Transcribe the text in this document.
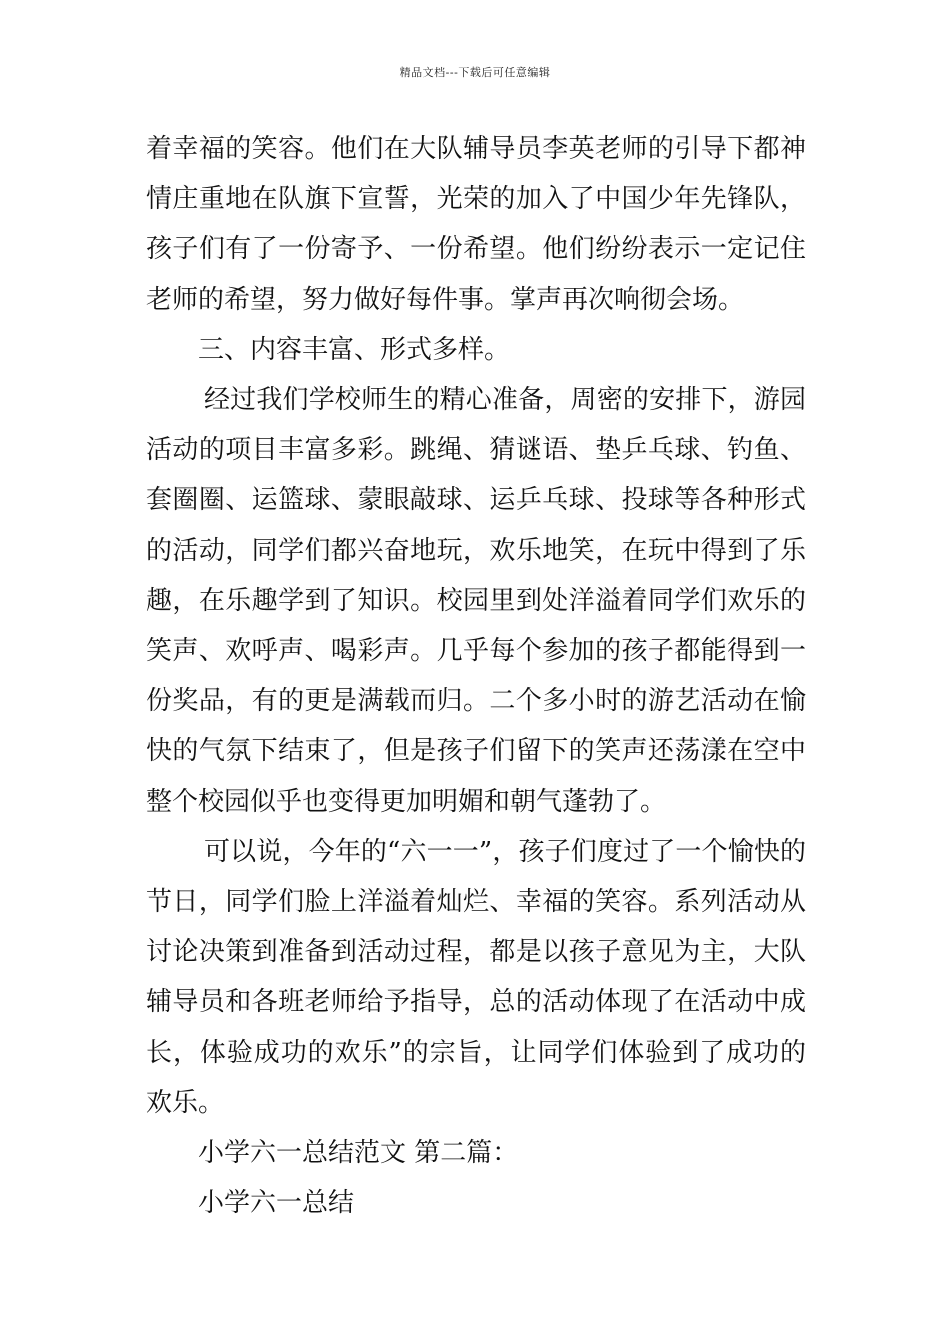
精品文档---下载后可任意编辑

着幸福的笑容。他们在大队辅导员李英老师的引导下都神情庄重地在队旗下宣誓，光荣的加入了中国少年先锋队，孩子们有了一份寄予、一份希望。他们纷纷表示一定记住老师的希望，努力做好每件事。掌声再次响彻会场。

三、内容丰富、形式多样。

经过我们学校师生的精心准备，周密的安排下，游园活动的项目丰富多彩。跳绳、猜谜语、垫乒乓球、钓鱼、套圈圈、运篮球、蒙眼敲球、运乒乓球、投球等各种形式的活动，同学们都兴奋地玩，欢乐地笑，在玩中得到了乐趣，在乐趣学到了知识。校园里到处洋溢着同学们欢乐的笑声、欢呼声、喝彩声。几乎每个参加的孩子都能得到一份奖品，有的更是满载而归。二个多小时的游艺活动在愉快的气氛下结束了，但是孩子们留下的笑声还荡漾在空中整个校园似乎也变得更加明媚和朝气蓬勃了。

可以说，今年的“六一一”，孩子们度过了一个愉快的节日，同学们脸上洋溢着灿烂、幸福的笑容。系列活动从讨论决策到准备到活动过程，都是以孩子意见为主，大队辅导员和各班老师给予指导，总的活动体现了在活动中成长，体验成功的欢乐”的宗旨，让同学们体验到了成功的欢乐。

小学六一总结范文 第二篇：

小学六一总结
